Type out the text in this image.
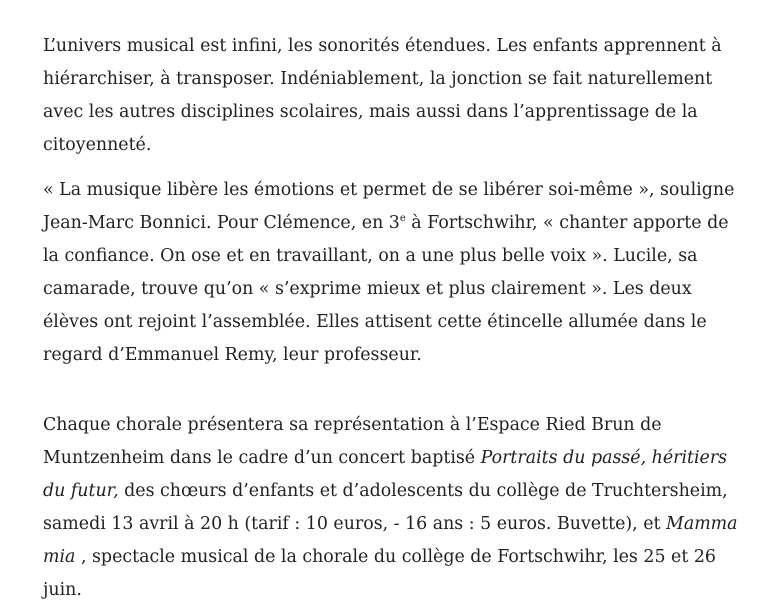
L’univers musical est infini, les sonorités étendues. Les enfants apprennent à hiérarchiser, à transposer. Indéniablement, la jonction se fait naturellement avec les autres disciplines scolaires, mais aussi dans l’apprentissage de la citoyenneté.

« La musique libère les émotions et permet de se libérer soi-même », souligne Jean-Marc Bonnici. Pour Clémence, en 3e à Fortschwihr, « chanter apporte de la confiance. On ose et en travaillant, on a une plus belle voix ». Lucile, sa camarade, trouve qu’on « s’exprime mieux et plus clairement ». Les deux élèves ont rejoint l’assemblée. Elles attisent cette étincelle allumée dans le regard d’Emmanuel Remy, leur professeur.

Chaque chorale présentera sa représentation à l’Espace Ried Brun de Muntzenheim dans le cadre d’un concert baptisé Portraits du passé, héritiers du futur, des chœurs d’enfants et d’adolescents du collège de Truchtersheim, samedi 13 avril à 20 h (tarif : 10 euros, - 16 ans : 5 euros. Buvette), et Mamma mia , spectacle musical de la chorale du collège de Fortschwihr, les 25 et 26 juin.
